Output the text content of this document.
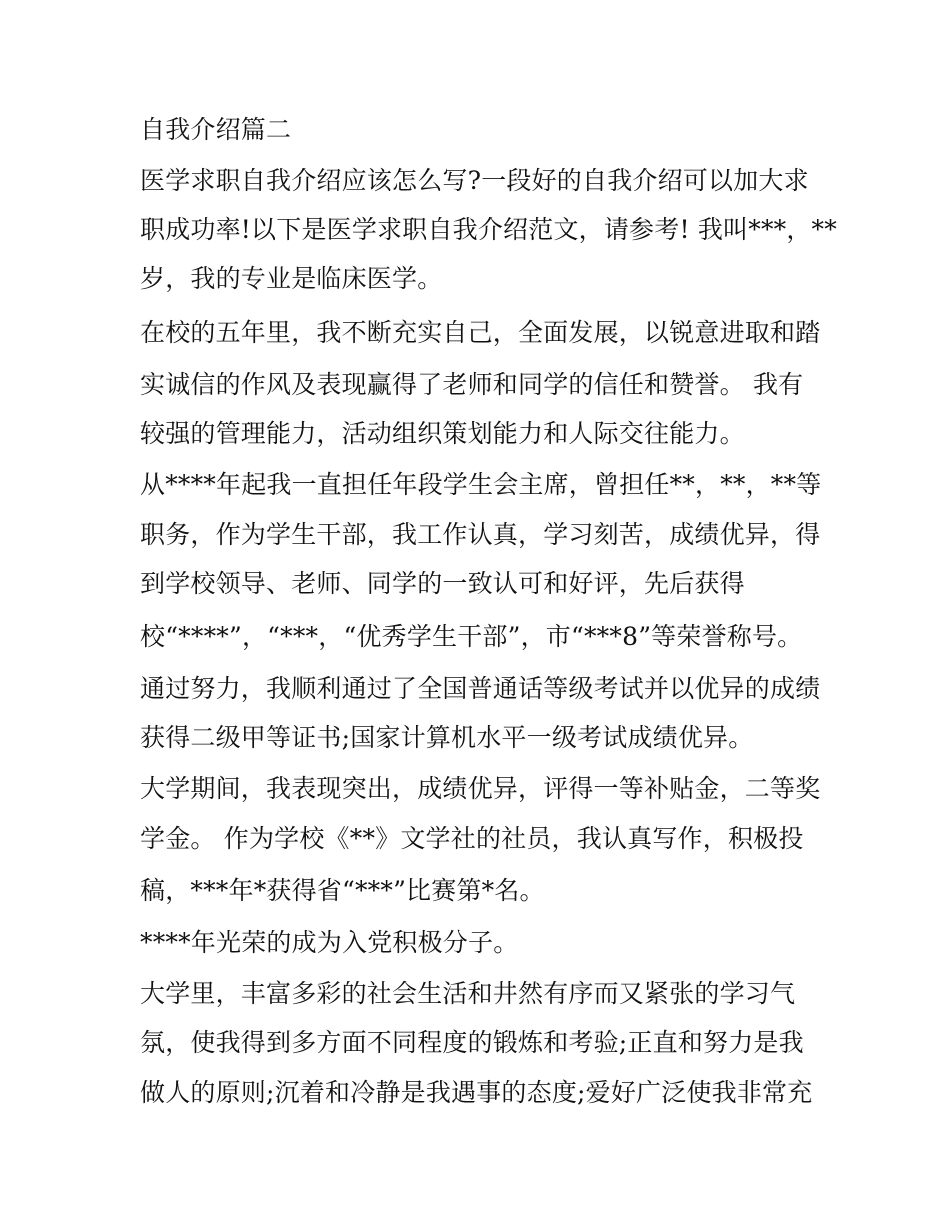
自我介绍篇二
医学求职自我介绍应该怎么写?一段好的自我介绍可以加大求
职成功率!以下是医学求职自我介绍范文，请参考! 我叫***，**
岁，我的专业是临床医学。
在校的五年里，我不断充实自己，全面发展，以锐意进取和踏
实诚信的作风及表现赢得了老师和同学的信任和赞誉。 我有
较强的管理能力，活动组织策划能力和人际交往能力。
从****年起我一直担任年段学生会主席，曾担任**，**，**等
职务，作为学生干部，我工作认真，学习刻苦，成绩优异，得
到学校领导、老师、同学的一致认可和好评，先后获得
校“****”，“***，“优秀学生干部”，市“***8”等荣誉称号。
通过努力，我顺利通过了全国普通话等级考试并以优异的成绩
获得二级甲等证书;国家计算机水平一级考试成绩优异。
大学期间，我表现突出，成绩优异，评得一等补贴金，二等奖
学金。 作为学校《**》文学社的社员，我认真写作，积极投
稿，***年*获得省“***”比赛第*名。
****年光荣的成为入党积极分子。
大学里，丰富多彩的社会生活和井然有序而又紧张的学习气
氛，使我得到多方面不同程度的锻炼和考验;正直和努力是我
做人的原则;沉着和冷静是我遇事的态度;爱好广泛使我非常充
